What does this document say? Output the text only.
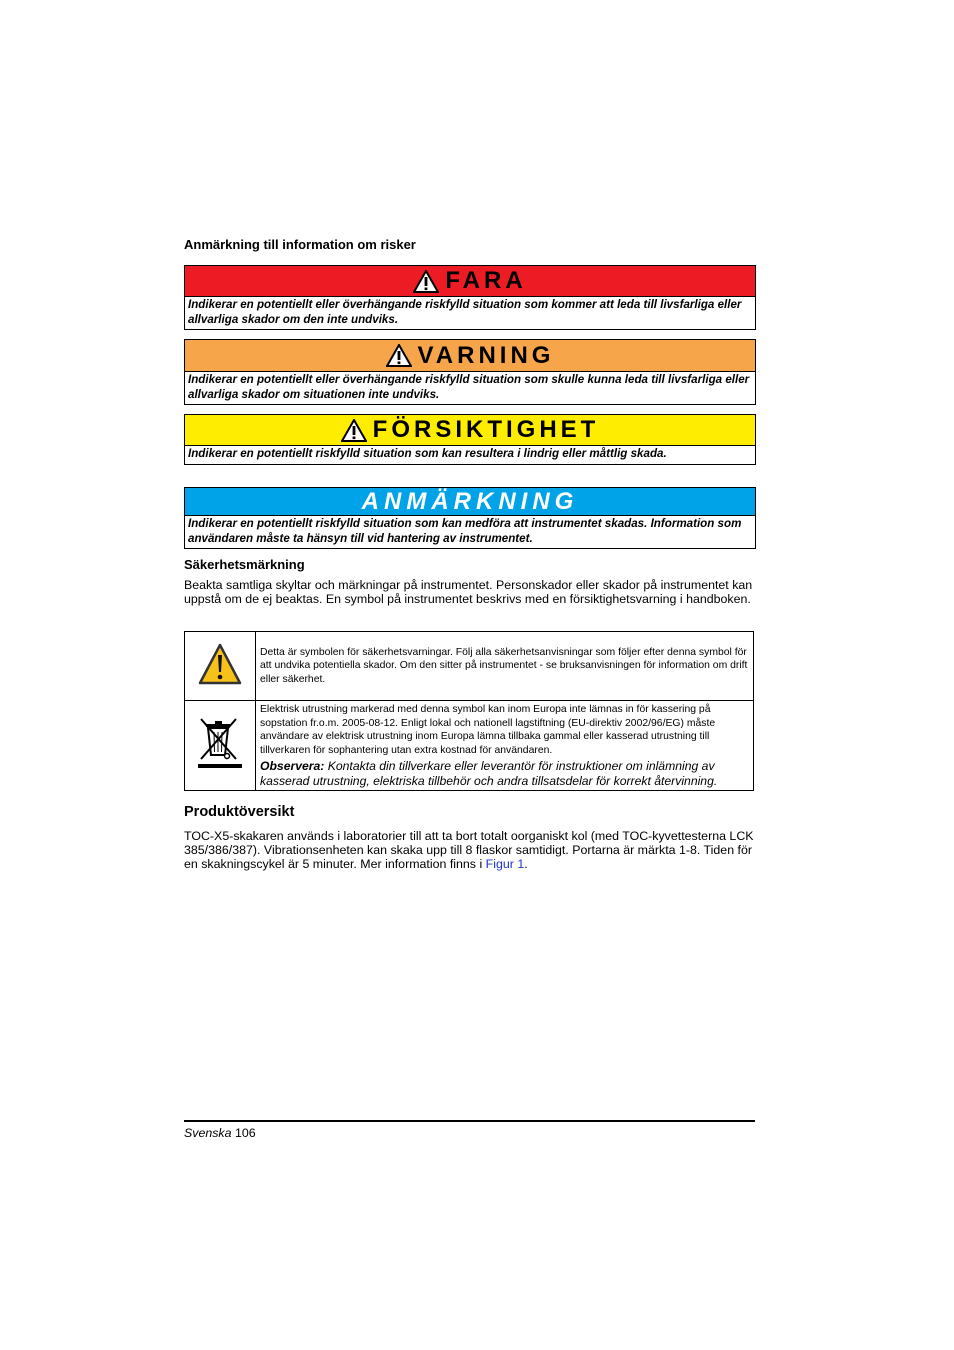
Anmärkning till information om risker
FARA
Indikerar en potentiellt eller överhängande riskfylld situation som kommer att leda till livsfarliga eller allvarliga skador om den inte undviks.
VARNING
Indikerar en potentiellt eller överhängande riskfylld situation som skulle kunna leda till livsfarliga eller allvarliga skador om situationen inte undviks.
FÖRSIKTIGHET
Indikerar en potentiellt riskfylld situation som kan resultera i lindrig eller måttlig skada.
ANMÄRKNING
Indikerar en potentiellt riskfylld situation som kan medföra att instrumentet skadas. Information som användaren måste ta hänsyn till vid hantering av instrumentet.
Säkerhetsmärkning
Beakta samtliga skyltar och märkningar på instrumentet. Personskador eller skador på instrumentet kan uppstå om de ej beaktas. En symbol på instrumentet beskrivs med en försiktighetsvarning i handboken.
	Detta är symbolen för säkerhetsvarningar. Följ alla säkerhetsanvisningar som följer efter denna symbol för att undvika potentiella skador. Om den sitter på instrumentet - se bruksanvisningen för information om drift eller säkerhet.

Elektrisk utrustning markerad med denna symbol kan inom Europa inte lämnas in för kassering på sopstation fr.o.m. 2005-08-12. Enligt lokal och nationell lagstiftning (EU-direktiv 2002/96/EG) måste användare av elektrisk utrustning inom Europa lämna tillbaka gammal eller kasserad utrustning till tillverkaren för sophantering utan extra kostnad för användaren.
Observera: Kontakta din tillverkare eller leverantör för instruktioner om inlämning av kasserad utrustning, elektriska tillbehör och andra tillsatsdelar för korrekt återvinning.
Produktöversikt
TOC-X5-skakaren används i laboratorier till att ta bort totalt oorganiskt kol (med TOC-kyvettesterna LCK 385/386/387). Vibrationsenheten kan skaka upp till 8 flaskor samtidigt. Portarna är märkta 1-8. Tiden för en skakningscykel är 5 minuter. Mer information finns i Figur 1.
Svenska 106
